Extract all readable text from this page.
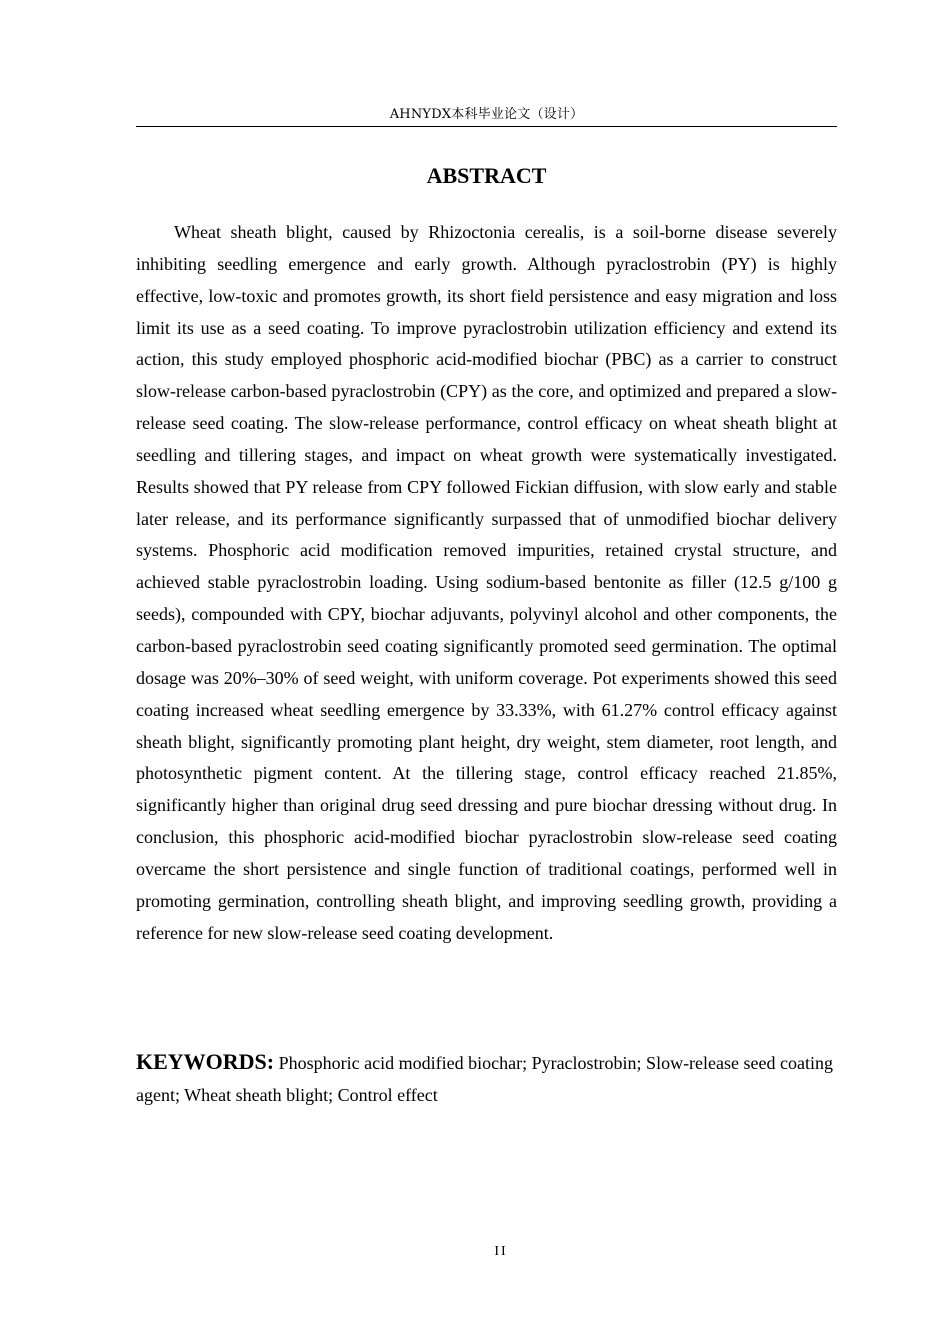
AHNYDX本科毕业论文（设计）
ABSTRACT

Wheat sheath blight, caused by Rhizoctonia cerealis, is a soil-borne disease severely inhibiting seedling emergence and early growth. Although pyraclostrobin (PY) is highly effective, low-toxic and promotes growth, its short field persistence and easy migration and loss limit its use as a seed coating. To improve pyraclostrobin utilization efficiency and extend its action, this study employed phosphoric acid-modified biochar (PBC) as a carrier to construct slow-release carbon-based pyraclostrobin (CPY) as the core, and optimized and prepared a slow-release seed coating. The slow-release performance, control efficacy on wheat sheath blight at seedling and tillering stages, and impact on wheat growth were systematically investigated. Results showed that PY release from CPY followed Fickian diffusion, with slow early and stable later release, and its performance significantly surpassed that of unmodified biochar delivery systems. Phosphoric acid modification removed impurities, retained crystal structure, and achieved stable pyraclostrobin loading. Using sodium-based bentonite as filler (12.5 g/100 g seeds), compounded with CPY, biochar adjuvants, polyvinyl alcohol and other components, the carbon-based pyraclostrobin seed coating significantly promoted seed germination. The optimal dosage was 20%–30% of seed weight, with uniform coverage. Pot experiments showed this seed coating increased wheat seedling emergence by 33.33%, with 61.27% control efficacy against sheath blight, significantly promoting plant height, dry weight, stem diameter, root length, and photosynthetic pigment content. At the tillering stage, control efficacy reached 21.85%, significantly higher than original drug seed dressing and pure biochar dressing without drug. In conclusion, this phosphoric acid-modified biochar pyraclostrobin slow-release seed coating overcame the short persistence and single function of traditional coatings, performed well in promoting germination, controlling sheath blight, and improving seedling growth, providing a reference for new slow-release seed coating development.

KEYWORDS: Phosphoric acid modified biochar; Pyraclostrobin; Slow-release seed coating agent; Wheat sheath blight; Control effect

II
